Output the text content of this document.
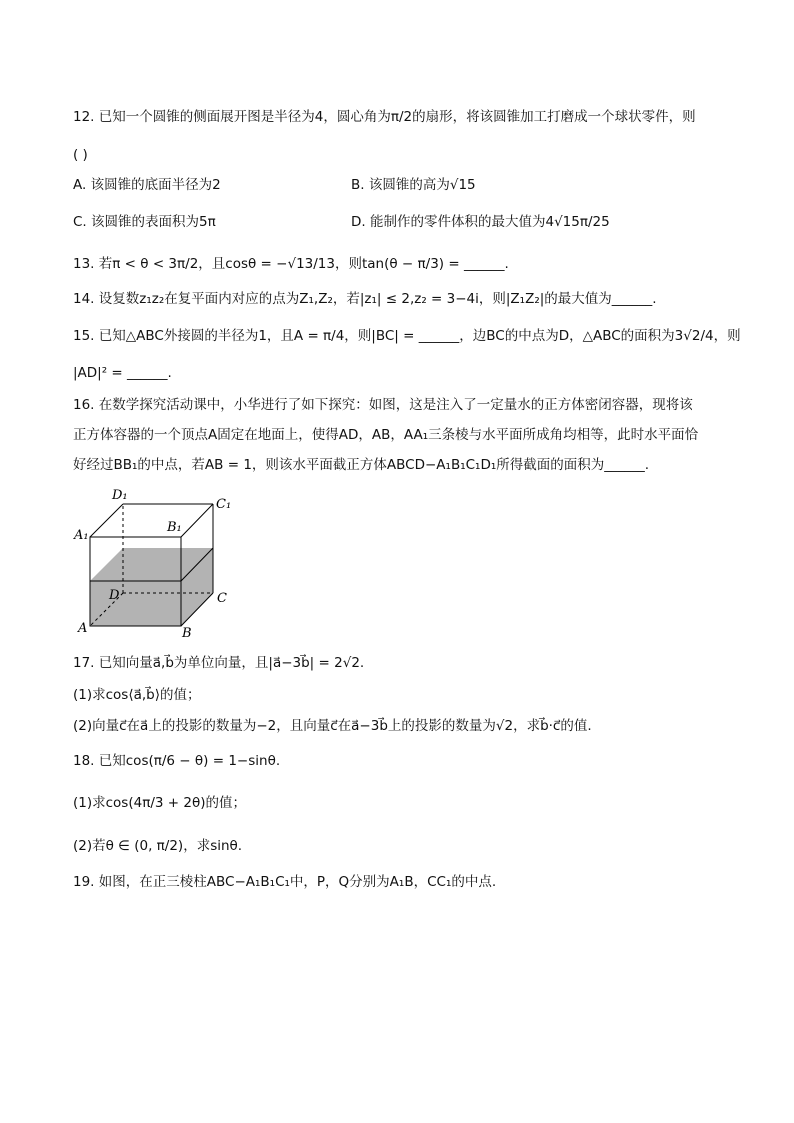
12. 已知一个圆锥的侧面展开图是半径为4，圆心角为π/2的扇形，将该圆锥加工打磨成一个球状零件，则
( )
A. 该圆锥的底面半径为2	B. 该圆锥的高为√15
C. 该圆锥的表面积为5π	D. 能制作的零件体积的最大值为4√15π/25
13. 若π < θ < 3π/2，且cosθ = −√13/13，则tan(θ − π/3) = ______.
14. 设复数z₁z₂在复平面内对应的点为Z₁,Z₂，若|z₁| ≤ 2,z₂ = 3−4i，则|Z₁Z₂|的最大值为______.
15. 已知△ABC外接圆的半径为1，且A = π/4，则|BC| = ______，边BC的中点为D，△ABC的面积为3√2/4，则
|AD|² = ______.
16. 在数学探究活动课中，小华进行了如下探究：如图，这是注入了一定量水的正方体密闭容器，现将该
正方体容器的一个顶点A固定在地面上，使得AD，AB，AA₁三条棱与水平面所成角均相等，此时水平面恰
好经过BB₁的中点，若AB = 1，则该水平面截正方体ABCD−A₁B₁C₁D₁所得截面的面积为______.
D₁
C₁
A₁
B₁
D	C
A	B
17. 已知向量a⃗,b⃗为单位向量，且|a⃗−3b⃗| = 2√2.
(1)求cos⟨a⃗,b⃗⟩的值；
(2)向量c⃗在a⃗上的投影的数量为−2，且向量c⃗在a⃗−3b⃗上的投影的数量为√2，求b⃗·c⃗的值.
18. 已知cos(π/6 − θ) = 1−sinθ.
(1)求cos(4π/3 + 2θ)的值；
(2)若θ ∈ (0, π/2)，求sinθ.
19. 如图，在正三棱柱ABC−A₁B₁C₁中，P，Q分别为A₁B，CC₁的中点.
